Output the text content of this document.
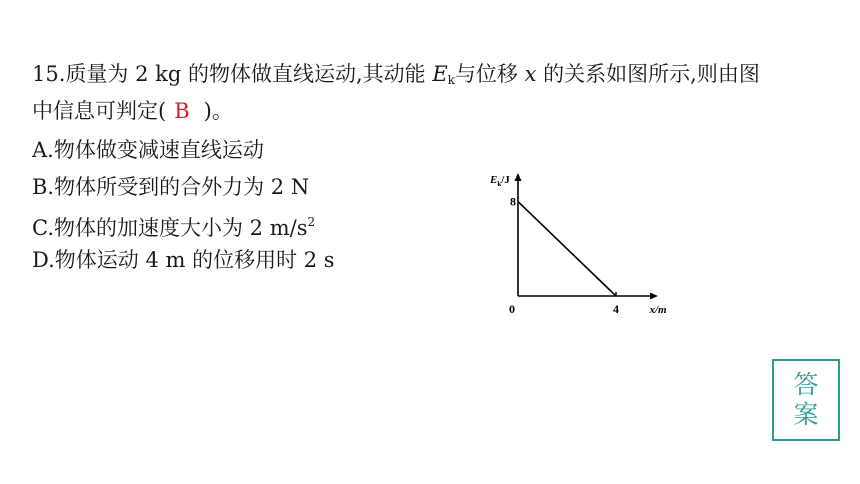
15.质量为 2 kg 的物体做直线运动,其动能 $E_k$与位移 x 的关系如图所示,则由图
中信息可判定( B )。
A.物体做变减速直线运动
B.物体所受到的合外力为 2 N
C.物体的加速度大小为 2 $m/s^2$
D.物体运动 4 m 的位移用时 2 s
$E_k/J$
8
0	4	x/m
答
案
